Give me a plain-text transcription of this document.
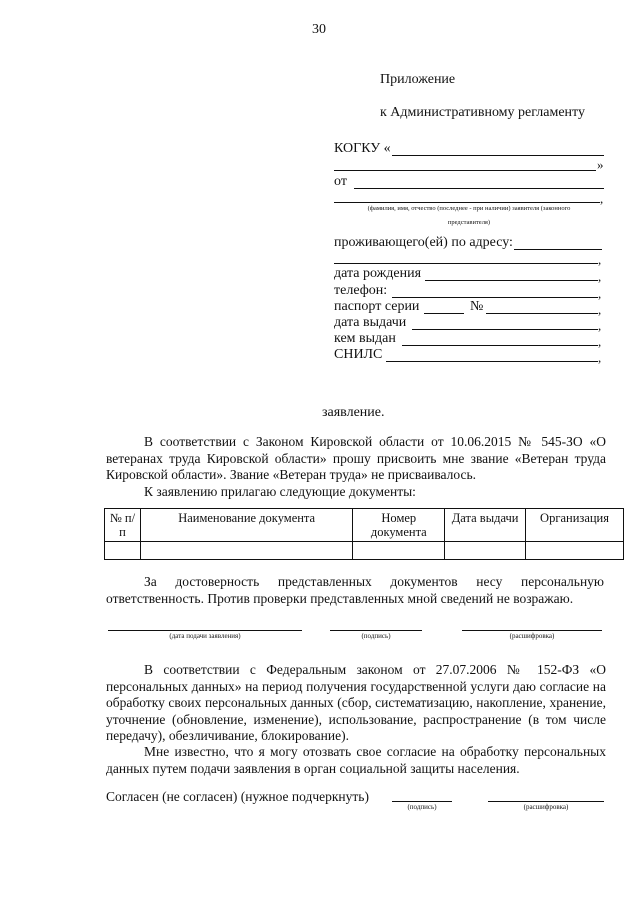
30
Приложение
к Административному регламенту
КОГКУ «
»
от
,
(фамилия, имя, отчество (последнее - при наличии) заявителя (законного
представителя)
проживающего(ей) по адресу:
,
дата рождения	,
телефон:	,
паспорт серии	№	,
дата выдачи	,
кем выдан	,
СНИЛС	,
заявление.
В соответствии с Законом Кировской области от 10.06.2015 № 545-ЗО «О ветеранах труда Кировской области» прошу присвоить мне звание «Ветеран труда Кировской области». Звание «Ветеран труда» не присваивалось.
К заявлению прилагаю следующие документы:
№ п/п	Наименование документа	Номер документа	Дата выдачи	Организация

За достоверность представленных документов несу персональную ответственность. Против проверки представленных мной сведений не возражаю.
(дата подачи заявления)	(подпись)	(расшифровка)
В соответствии с Федеральным законом от 27.07.2006 № 152-ФЗ «О персональных данных» на период получения государственной услуги даю согласие на обработку своих персональных данных (сбор, систематизацию, накопление, хранение, уточнение (обновление, изменение), использование, распространение (в том числе передачу), обезличивание, блокирование).
Мне известно, что я могу отозвать свое согласие на обработку персональных данных путем подачи заявления в орган социальной защиты населения.
Согласен (не согласен) (нужное подчеркнуть)
(подпись)	(расшифровка)
